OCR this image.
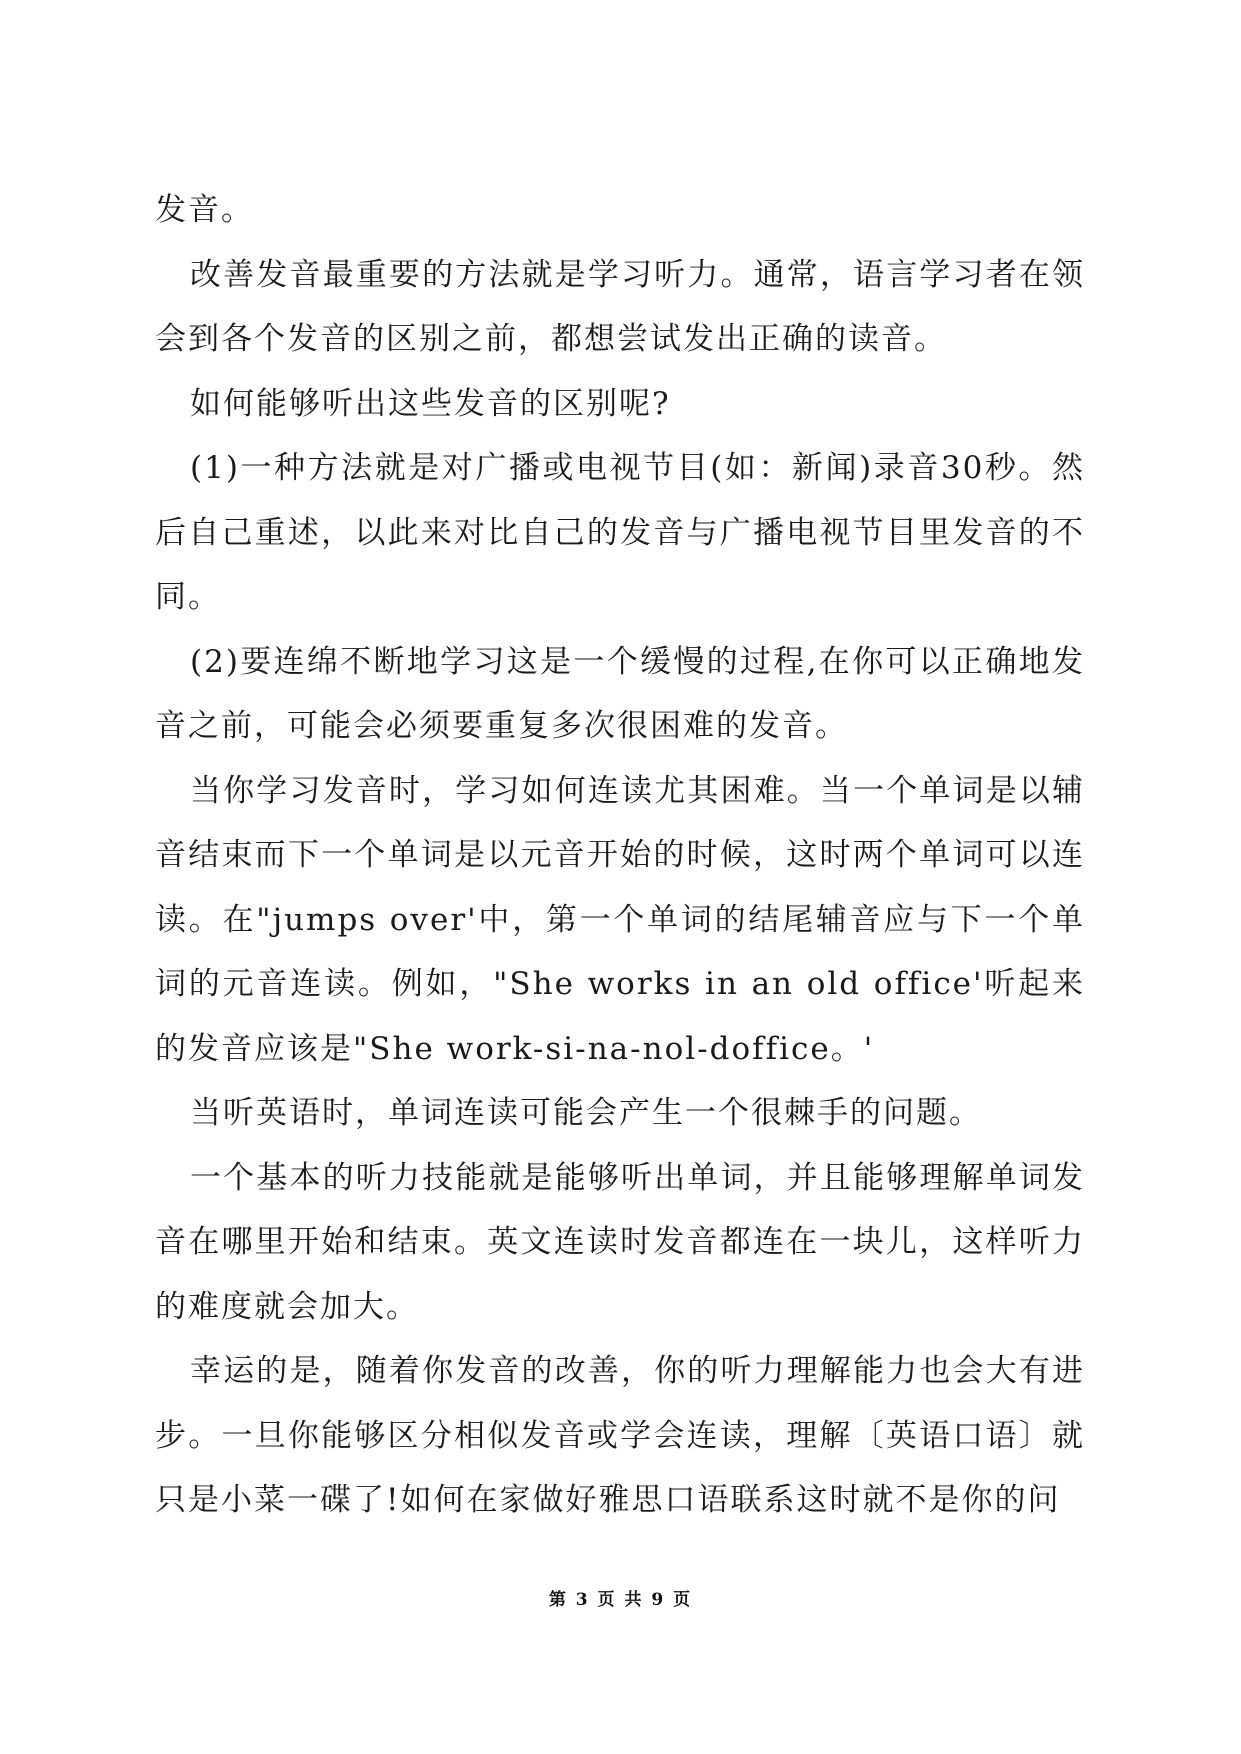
发音。

改善发音最重要的方法就是学习听力。通常，语言学习者在领会到各个发音的区别之前，都想尝试发出正确的读音。

如何能够听出这些发音的区别呢?

(1)一种方法就是对广播或电视节目(如：新闻)录音30秒。然后自己重述，以此来对比自己的发音与广播电视节目里发音的不同。

(2)要连绵不断地学习这是一个缓慢的过程,在你可以正确地发音之前，可能会必须要重复多次很困难的发音。

当你学习发音时，学习如何连读尤其困难。当一个单词是以辅音结束而下一个单词是以元音开始的时候，这时两个单词可以连读。在"jumps over'中，第一个单词的结尾辅音应与下一个单词的元音连读。例如，"She works in an old office'听起来的发音应该是"She work-si-na-nol-doffice。'

当听英语时，单词连读可能会产生一个很棘手的问题。

一个基本的听力技能就是能够听出单词，并且能够理解单词发音在哪里开始和结束。英文连读时发音都连在一块儿，这样听力的难度就会加大。

幸运的是，随着你发音的改善，你的听力理解能力也会大有进步。一旦你能够区分相似发音或学会连读，理解〔英语口语〕就只是小菜一碟了!如何在家做好雅思口语联系这时就不是你的问

第 3 页 共 9 页
